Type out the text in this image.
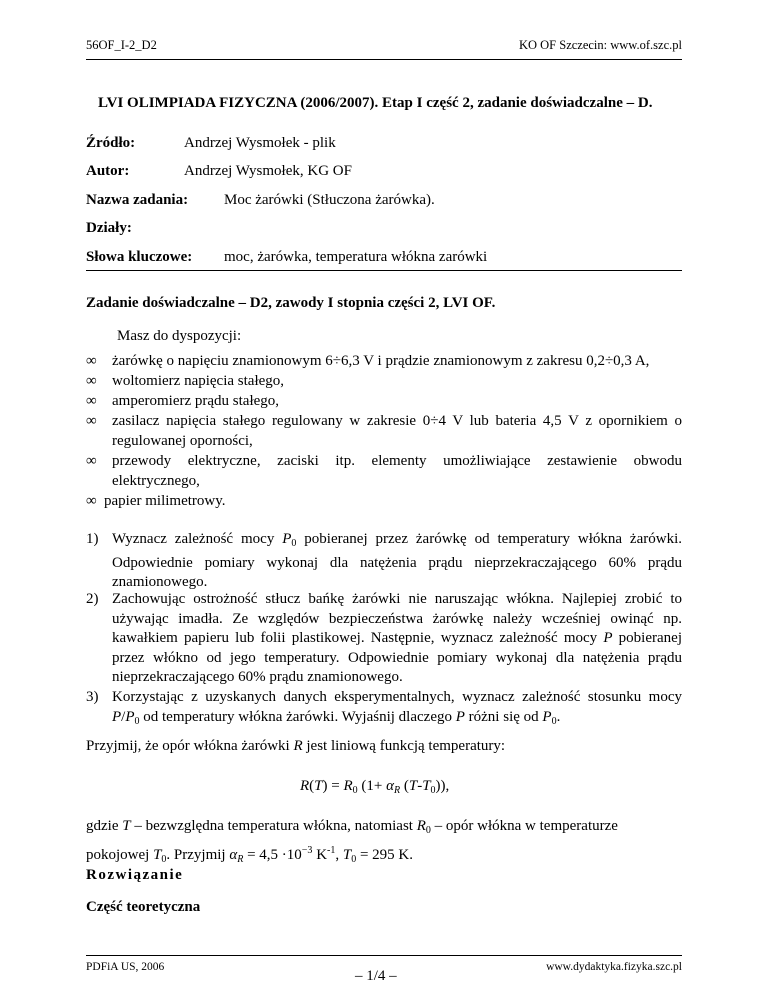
56OF_I-2_D2	KO OF Szczecin: www.of.szc.pl
LVI OLIMPIADA FIZYCZNA (2006/2007). Etap I część 2, zadanie doświadczalne – D.
Źródło:	Andrzej Wysmołek - plik
Autor:	Andrzej Wysmołek, KG OF
Nazwa zadania: Moc żarówki (Stłuczona żarówka).
Działy:
Słowa kluczowe: moc, żarówka, temperatura włókna zarówki
Zadanie doświadczalne – D2, zawody I stopnia części 2, LVI OF.
Masz do dyspozycji:
∞ żarówkę o napięciu znamionowym 6÷6,3 V i prądzie znamionowym z zakresu 0,2÷0,3 A,
∞ woltomierz napięcia stałego,
∞ amperomierz prądu stałego,
∞ zasilacz napięcia stałego regulowany w zakresie 0÷4 V lub bateria 4,5 V z opornikiem o regulowanej oporności,
∞ przewody elektryczne, zaciski itp. elementy umożliwiające zestawienie obwodu elektrycznego,
∞ papier milimetrowy.
1) Wyznacz zależność mocy $P_0$ pobieranej przez żarówkę od temperatury włókna żarówki. Odpowiednie pomiary wykonaj dla natężenia prądu nieprzekraczającego 60% prądu znamionowego.
2) Zachowując ostrożność stłucz bańkę żarówki nie naruszając włókna. Najlepiej zrobić to używając imadła. Ze względów bezpieczeństwa żarówkę należy wcześniej owinąć np. kawałkiem papieru lub folii plastikowej. Następnie, wyznacz zależność mocy P pobieranej przez włókno od jego temperatury. Odpowiednie pomiary wykonaj dla natężenia prądu nieprzekraczającego 60% prądu znamionowego.
3) Korzystając z uzyskanych danych eksperymentalnych, wyznacz zależność stosunku mocy $P/P_0$ od temperatury włókna żarówki. Wyjaśnij dlaczego P różni się od $P_0$.
Przyjmij, że opór włókna żarówki R jest liniową funkcją temperatury:
$R(T) = R_0$ ($1+ \alpha_R$ $(T-T_0)$),
gdzie T – bezwzględna temperatura włókna, natomiast $R_0$ – opór włókna w temperaturze pokojowej $T_0$. Przyjmij $\alpha_R = 4,5 \cdot 10^{-3}$ $K^{-1}$, $T_0 = 295$ K.
Rozwiązanie
Część teoretyczna
PDFiA US, 2006
– 1/4 –
www.dydaktyka.fizyka.szc.pl
